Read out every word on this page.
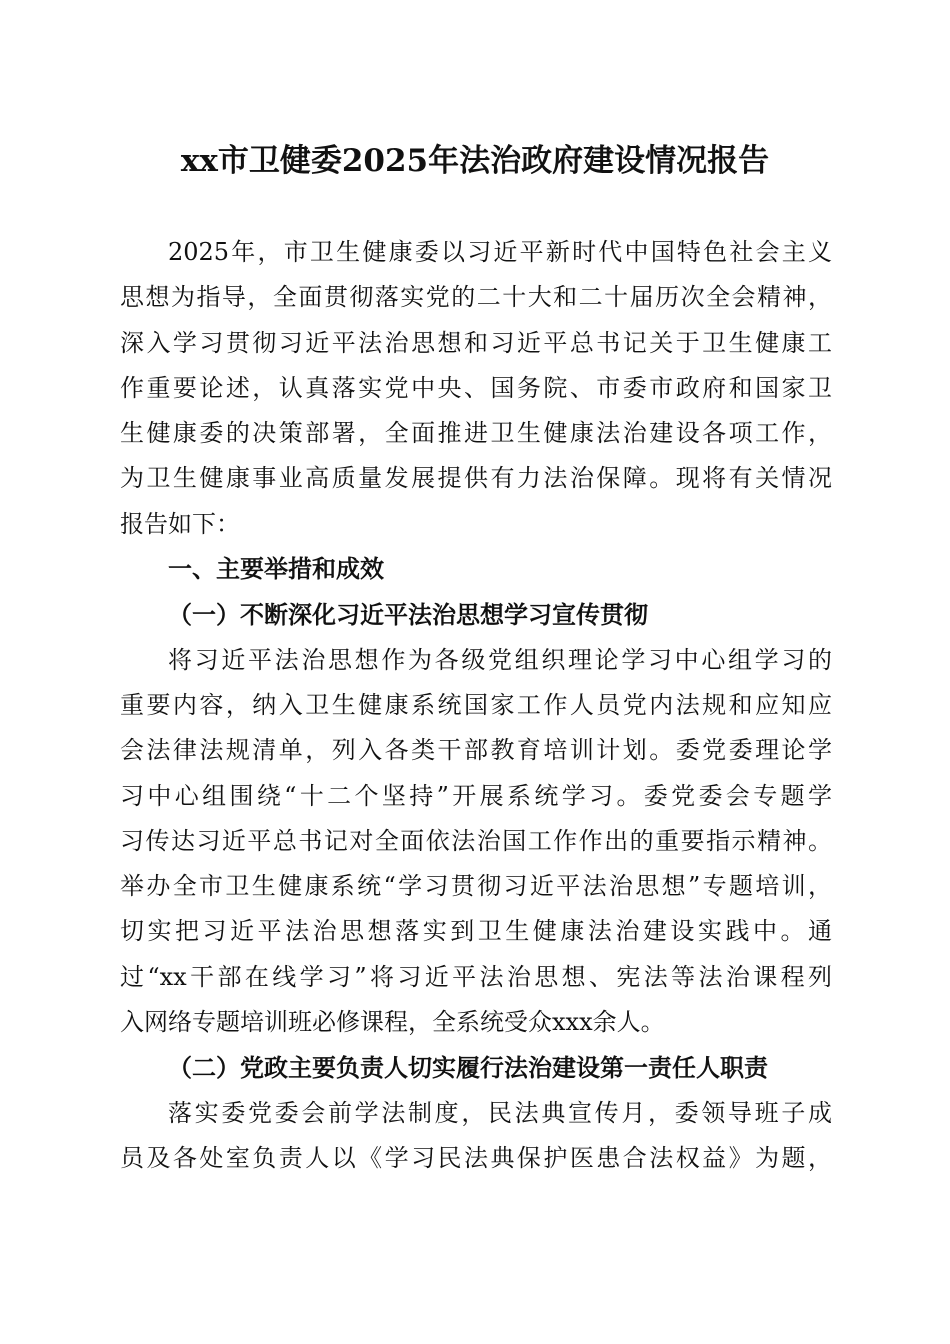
xx市卫健委2025年法治政府建设情况报告
2025年，市卫生健康委以习近平新时代中国特色社会主义
思想为指导，全面贯彻落实党的二十大和二十届历次全会精神，
深入学习贯彻习近平法治思想和习近平总书记关于卫生健康工
作重要论述，认真落实党中央、国务院、市委市政府和国家卫
生健康委的决策部署，全面推进卫生健康法治建设各项工作，
为卫生健康事业高质量发展提供有力法治保障。现将有关情况
报告如下：
一、主要举措和成效
（一）不断深化习近平法治思想学习宣传贯彻
将习近平法治思想作为各级党组织理论学习中心组学习的
重要内容，纳入卫生健康系统国家工作人员党内法规和应知应
会法律法规清单，列入各类干部教育培训计划。委党委理论学
习中心组围绕“十二个坚持”开展系统学习。委党委会专题学
习传达习近平总书记对全面依法治国工作作出的重要指示精神。
举办全市卫生健康系统“学习贯彻习近平法治思想”专题培训，
切实把习近平法治思想落实到卫生健康法治建设实践中。通
过“xx干部在线学习”将习近平法治思想、宪法等法治课程列
入网络专题培训班必修课程，全系统受众xxx余人。
（二）党政主要负责人切实履行法治建设第一责任人职责
落实委党委会前学法制度，民法典宣传月，委领导班子成
员及各处室负责人以《学习民法典保护医患合法权益》为题，
